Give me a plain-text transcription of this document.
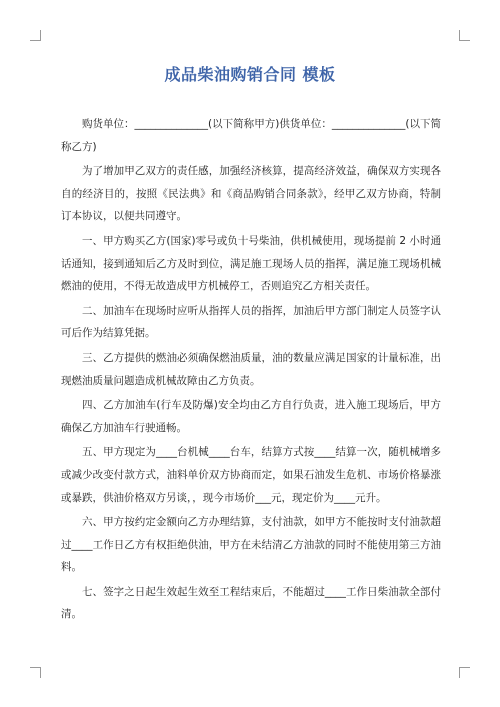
成品柴油购销合同 模板

购货单位：______________(以下简称甲方)供货单位：______________(以下简称乙方)

为了增加甲乙双方的责任感，加强经济核算，提高经济效益，确保双方实现各自的经济目的，按照《民法典》和《商品购销合同条款》，经甲乙双方协商，特制订本协议，以便共同遵守。

一、甲方购买乙方(国家)零号或负十号柴油，供机械使用，现场提前 2 小时通话通知，接到通知后乙方及时到位，满足施工现场人员的指挥，满足施工现场机械燃油的使用，不得无故造成甲方机械停工，否则追究乙方相关责任。

二、加油车在现场时应听从指挥人员的指挥，加油后甲方部门制定人员签字认可后作为结算凭据。

三、乙方提供的燃油必须确保燃油质量，油的数量应满足国家的计量标准，出现燃油质量问题造成机械故障由乙方负责。

四、乙方加油车(行车及防爆)安全均由乙方自行负责，进入施工现场后，甲方确保乙方加油车行驶通畅。

五、甲方现定为____台机械____台车，结算方式按____结算一次，随机械增多或减少改变付款方式，油料单价双方协商而定，如果石油发生危机、市场价格暴涨或暴跌，供油价格双方另谈，，现今市场价___元，现定价为____元升。

六、甲方按约定金额向乙方办理结算，支付油款，如甲方不能按时支付油款超过____工作日乙方有权拒绝供油，甲方在未结清乙方油款的同时不能使用第三方油料。

七、签字之日起生效起生效至工程结束后，不能超过____工作日柴油款全部付清。
